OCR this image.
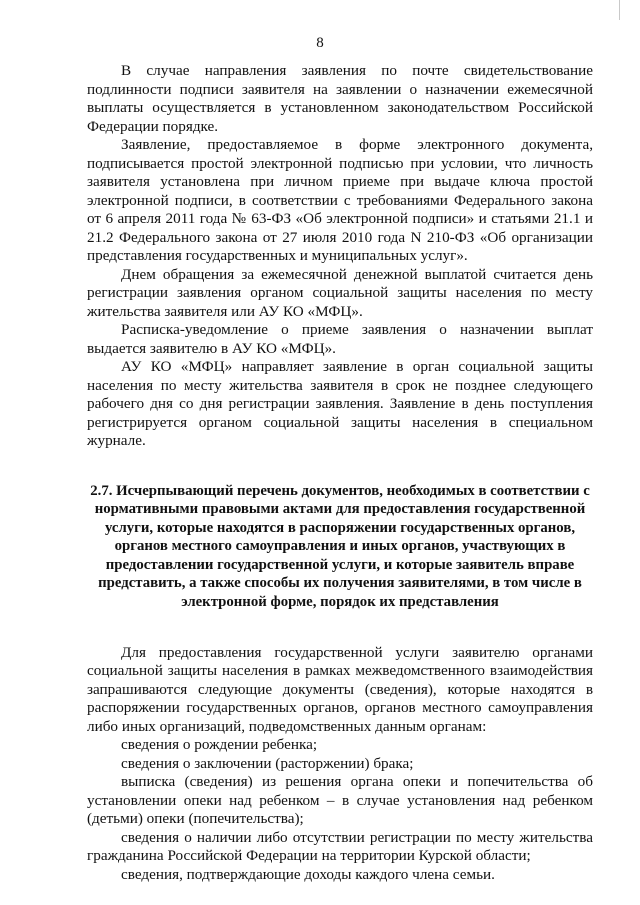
8

В случае направления заявления по почте свидетельствование подлинности подписи заявителя на заявлении о назначении ежемесячной выплаты осуществляется в установленном законодательством Российской Федерации порядке.

Заявление, предоставляемое в форме электронного документа, подписывается простой электронной подписью при условии, что личность заявителя установлена при личном приеме при выдаче ключа простой электронной подписи, в соответствии с требованиями Федерального закона от 6 апреля 2011 года № 63-ФЗ «Об электронной подписи» и статьями 21.1 и 21.2 Федерального закона от 27 июля 2010 года N 210-ФЗ «Об организации представления государственных и муниципальных услуг».

Днем обращения за ежемесячной денежной выплатой считается день регистрации заявления органом социальной защиты населения по месту жительства заявителя или АУ КО «МФЦ».

Расписка-уведомление о приеме заявления о назначении выплат выдается заявителю в АУ КО «МФЦ».

АУ КО «МФЦ» направляет заявление в орган социальной защиты населения по месту жительства заявителя в срок не позднее следующего рабочего дня со дня регистрации заявления. Заявление в день поступления регистрируется органом социальной защиты населения в специальном журнале.

2.7. Исчерпывающий перечень документов, необходимых в соответствии с нормативными правовыми актами для предоставления государственной услуги, которые находятся в распоряжении государственных органов, органов местного самоуправления и иных органов, участвующих в предоставлении государственной услуги, и которые заявитель вправе представить, а также способы их получения заявителями, в том числе в электронной форме, порядок их представления

Для предоставления государственной услуги заявителю органами социальной защиты населения в рамках межведомственного взаимодействия запрашиваются следующие документы (сведения), которые находятся в распоряжении государственных органов, органов местного самоуправления либо иных организаций, подведомственных данным органам:

сведения о рождении ребенка;

сведения о заключении (расторжении) брака;

выписка (сведения) из решения органа опеки и попечительства об установлении опеки над ребенком – в случае установления над ребенком (детьми) опеки (попечительства);

сведения о наличии либо отсутствии регистрации по месту жительства гражданина Российской Федерации на территории Курской области;

сведения, подтверждающие доходы каждого члена семьи.
